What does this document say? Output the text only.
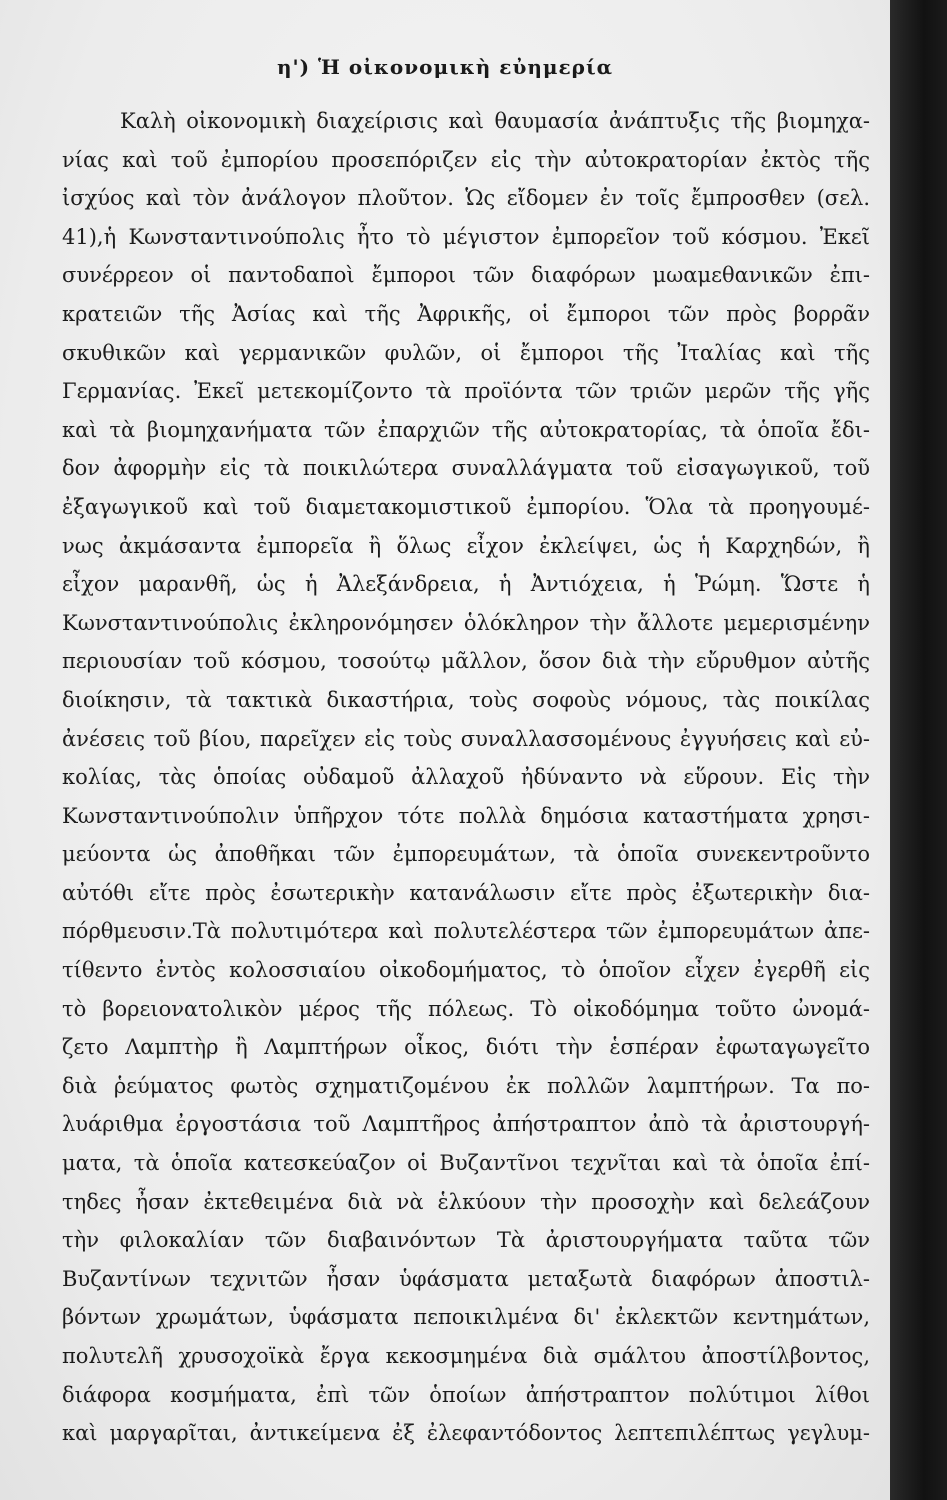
η') Ἡ οἰκονομικὴ εὐημερία
Καλὴ οἰκονομικὴ διαχείρισις καὶ θαυμασία ἀνάπτυξις τῆς βιομηχα-
νίας καὶ τοῦ ἐμπορίου προσεπόριζεν εἰς τὴν αὐτοκρατορίαν ἐκτὸς τῆς
ἰσχύος καὶ τὸν ἀνάλογον πλοῦτον. Ὡς εἴδομεν ἐν τοῖς ἔμπροσθεν (σελ.
41),ἡ Κωνσταντινούπολις ἦτο τὸ μέγιστον ἐμπορεῖον τοῦ κόσμου. Ἐκεῖ
συνέρρεον οἱ παντοδαποὶ ἔμποροι τῶν διαφόρων μωαμεθανικῶν ἐπι-
κρατειῶν τῆς Ἀσίας καὶ τῆς Ἀφρικῆς, οἱ ἔμποροι τῶν πρὸς βορρᾶν
σκυθικῶν καὶ γερμανικῶν φυλῶν, οἱ ἔμποροι τῆς Ἰταλίας καὶ τῆς
Γερμανίας. Ἐκεῖ μετεκομίζοντο τὰ προϊόντα τῶν τριῶν μερῶν τῆς γῆς
καὶ τὰ βιομηχανήματα τῶν ἐπαρχιῶν τῆς αὐτοκρατορίας, τὰ ὁποῖα ἔδι-
δον ἀφορμὴν εἰς τὰ ποικιλώτερα συναλλάγματα τοῦ εἰσαγωγικοῦ, τοῦ
ἐξαγωγικοῦ καὶ τοῦ διαμετακομιστικοῦ ἐμπορίου. Ὅλα τὰ προηγουμέ-
νως ἀκμάσαντα ἐμπορεῖα ἢ ὅλως εἶχον ἐκλείψει, ὡς ἡ Καρχηδών, ἢ
εἶχον μαρανθῆ, ὡς ἡ Ἀλεξάνδρεια, ἡ Ἀντιόχεια, ἡ Ῥώμη. Ὥστε ἡ
Κωνσταντινούπολις ἐκληρονόμησεν ὁλόκληρον τὴν ἄλλοτε μεμερισμένην
περιουσίαν τοῦ κόσμου, τοσούτῳ μᾶλλον, ὅσον διὰ τὴν εὔρυθμον αὐτῆς
διοίκησιν, τὰ τακτικὰ δικαστήρια, τοὺς σοφοὺς νόμους, τὰς ποικίλας
ἀνέσεις τοῦ βίου, παρεῖχεν εἰς τοὺς συναλλασσομένους ἐγγυήσεις καὶ εὐ-
κολίας, τὰς ὁποίας οὐδαμοῦ ἀλλαχοῦ ἠδύναντο νὰ εὕρουν. Εἰς τὴν
Κωνσταντινούπολιν ὑπῆρχον τότε πολλὰ δημόσια καταστήματα χρησι-
μεύοντα ὡς ἀποθῆκαι τῶν ἐμπορευμάτων, τὰ ὁποῖα συνεκεντροῦντο
αὐτόθι εἴτε πρὸς ἐσωτερικὴν κατανάλωσιν εἴτε πρὸς ἐξωτερικὴν δια-
πόρθμευσιν.Τὰ πολυτιμότερα καὶ πολυτελέστερα τῶν ἐμπορευμάτων ἀπε-
τίθεντο ἐντὸς κολοσσιαίου οἰκοδομήματος, τὸ ὁποῖον εἶχεν ἐγερθῆ εἰς
τὸ βορειονατολικὸν μέρος τῆς πόλεως. Τὸ οἰκοδόμημα τοῦτο ὠνομά-
ζετο Λαμπτὴρ ἢ Λαμπτήρων οἶκος, διότι τὴν ἑσπέραν ἐφωταγωγεῖτο
διὰ ῥεύματος φωτὸς σχηματιζομένου ἐκ πολλῶν λαμπτήρων. Τα πο-
λυάριθμα ἐργοστάσια τοῦ Λαμπτῆρος ἀπήστραπτον ἀπὸ τὰ ἀριστουργή-
ματα, τὰ ὁποῖα κατεσκεύαζον οἱ Βυζαντῖνοι τεχνῖται καὶ τὰ ὁποῖα ἐπί-
τηδες ἦσαν ἐκτεθειμένα διὰ νὰ ἑλκύουν τὴν προσοχὴν καὶ δελεάζουν
τὴν φιλοκαλίαν τῶν διαβαινόντων Τὰ ἀριστουργήματα ταῦτα τῶν
Βυζαντίνων τεχνιτῶν ἦσαν ὑφάσματα μεταξωτὰ διαφόρων ἀποστιλ-
βόντων χρωμάτων, ὑφάσματα πεποικιλμένα δι' ἐκλεκτῶν κεντημάτων,
πολυτελῆ χρυσοχοϊκὰ ἔργα κεκοσμημένα διὰ σμάλτου ἀποστίλβοντος,
διάφορα κοσμήματα, ἐπὶ τῶν ὁποίων ἀπήστραπτον πολύτιμοι λίθοι
καὶ μαργαρῖται, ἀντικείμενα ἐξ ἐλεφαντόδοντος λεπτεπιλέπτως γεγλυμ-
